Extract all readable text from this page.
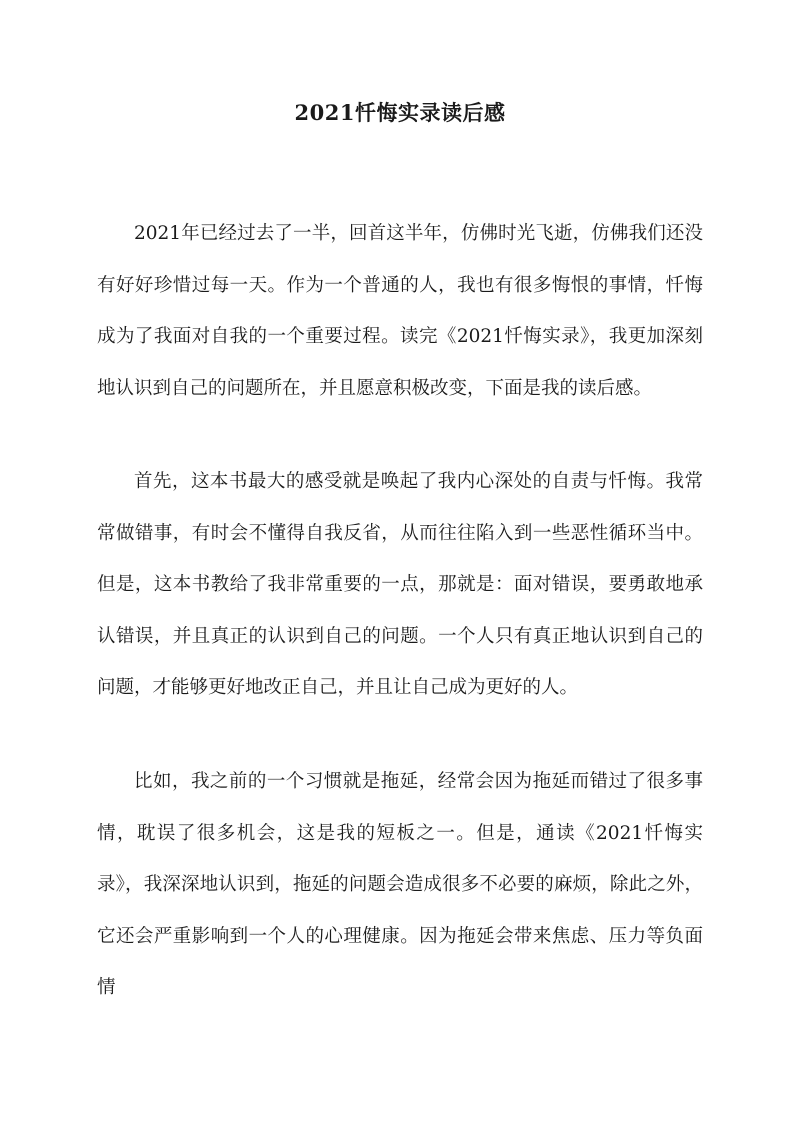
2021忏悔实录读后感

2021年已经过去了一半，回首这半年，仿佛时光飞逝，仿佛我们还没有好好珍惜过每一天。作为一个普通的人，我也有很多悔恨的事情，忏悔成为了我面对自我的一个重要过程。读完《2021忏悔实录》，我更加深刻地认识到自己的问题所在，并且愿意积极改变，下面是我的读后感。

首先，这本书最大的感受就是唤起了我内心深处的自责与忏悔。我常常做错事，有时会不懂得自我反省，从而往往陷入到一些恶性循环当中。但是，这本书教给了我非常重要的一点，那就是：面对错误，要勇敢地承认错误，并且真正的认识到自己的问题。一个人只有真正地认识到自己的问题，才能够更好地改正自己，并且让自己成为更好的人。

比如，我之前的一个习惯就是拖延，经常会因为拖延而错过了很多事情，耽误了很多机会，这是我的短板之一。但是，通读《2021忏悔实录》，我深深地认识到，拖延的问题会造成很多不必要的麻烦，除此之外，它还会严重影响到一个人的心理健康。因为拖延会带来焦虑、压力等负面情
